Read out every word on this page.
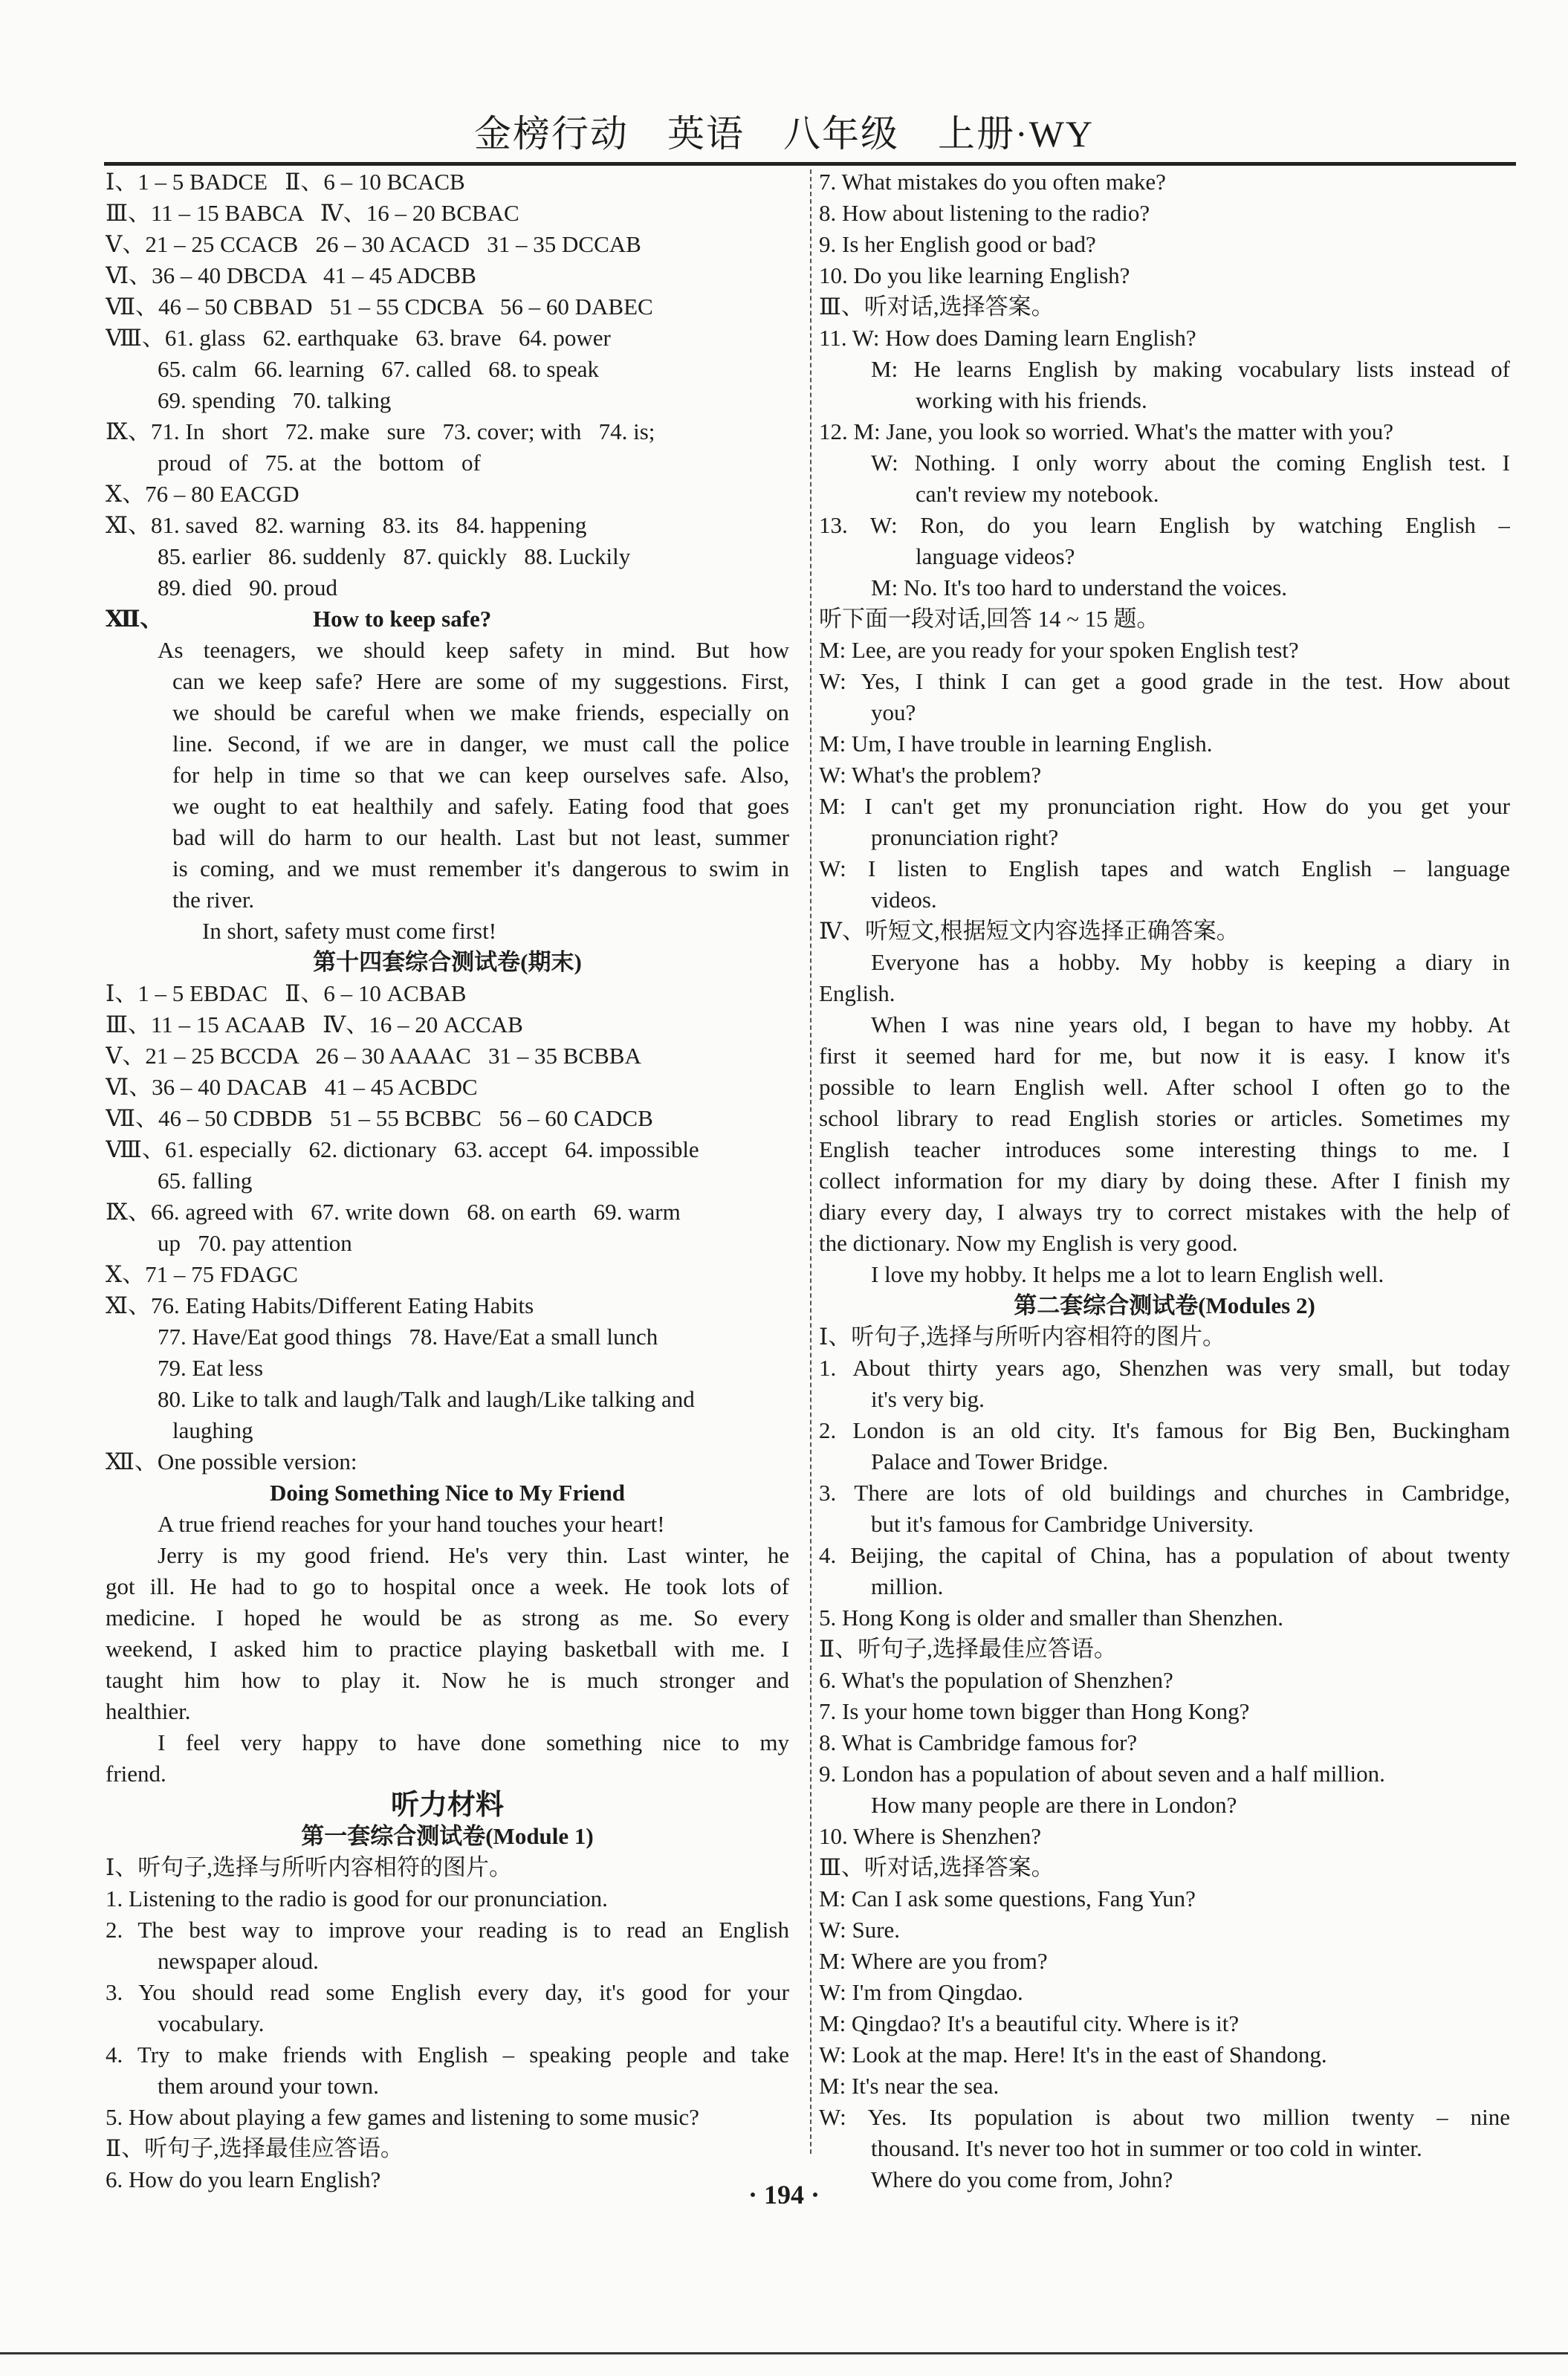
金榜行动　英语　八年级　上册·WY
Ⅰ、1 – 5 BADCE   Ⅱ、6 – 10 BCACB
Ⅲ、11 – 15 BABCA   Ⅳ、16 – 20 BCBAC
Ⅴ、21 – 25 CCACB   26 – 30 ACACD   31 – 35 DCCAB
Ⅵ、36 – 40 DBCDA   41 – 45 ADCBB
Ⅶ、46 – 50 CBBAD   51 – 55 CDCBA   56 – 60 DABEC
Ⅷ、61. glass   62. earthquake   63. brave   64. power
65. calm   66. learning   67. called   68. to speak
69. spending   70. talking
Ⅸ、71. In   short   72. make   sure   73. cover; with   74. is;
proud   of   75. at   the   bottom   of
Ⅹ、76 – 80 EACGD
Ⅺ、81. saved   82. warning   83. its   84. happening
85. earlier   86. suddenly   87. quickly   88. Luckily
89. died   90. proud
Ⅻ、                          How to keep safe?
As teenagers, we should keep safety in mind. But how
can we keep safe? Here are some of my suggestions. First,
we should be careful when we make friends, especially on
line. Second, if we are in danger, we must call the police
for help in time so that we can keep ourselves safe. Also,
we ought to eat healthily and safely. Eating food that goes
bad will do harm to our health. Last but not least, summer
is coming, and we must remember it's dangerous to swim in
the river.
In short, safety must come first!
第十四套综合测试卷(期末)
Ⅰ、1 – 5 EBDAC   Ⅱ、6 – 10 ACBAB
Ⅲ、11 – 15 ACAAB   Ⅳ、16 – 20 ACCAB
Ⅴ、21 – 25 BCCDA   26 – 30 AAAAC   31 – 35 BCBBA
Ⅵ、36 – 40 DACAB   41 – 45 ACBDC
Ⅶ、46 – 50 CDBDB   51 – 55 BCBBC   56 – 60 CADCB
Ⅷ、61. especially   62. dictionary   63. accept   64. impossible
65. falling
Ⅸ、66. agreed with   67. write down   68. on earth   69. warm
up   70. pay attention
Ⅹ、71 – 75 FDAGC
Ⅺ、76. Eating Habits/Different Eating Habits
77. Have/Eat good things   78. Have/Eat a small lunch
79. Eat less
80. Like to talk and laugh/Talk and laugh/Like talking and
laughing
Ⅻ、One possible version:
Doing Something Nice to My Friend
A true friend reaches for your hand touches your heart!
Jerry is my good friend. He's very thin. Last winter, he
got ill. He had to go to hospital once a week. He took lots of
medicine. I hoped he would be as strong as me. So every
weekend, I asked him to practice playing basketball with me. I
taught him how to play it. Now he is much stronger and
healthier.
I feel very happy to have done something nice to my
friend.
听力材料
第一套综合测试卷(Module 1)
Ⅰ、听句子,选择与所听内容相符的图片。
1. Listening to the radio is good for our pronunciation.
2. The best way to improve your reading is to read an English
newspaper aloud.
3. You should read some English every day, it's good for your
vocabulary.
4. Try to make friends with English – speaking people and take
them around your town.
5. How about playing a few games and listening to some music?
Ⅱ、听句子,选择最佳应答语。
6. How do you learn English?
7. What mistakes do you often make?
8. How about listening to the radio?
9. Is her English good or bad?
10. Do you like learning English?
Ⅲ、听对话,选择答案。
11. W: How does Daming learn English?
M: He learns English by making vocabulary lists instead of
working with his friends.
12. M: Jane, you look so worried. What's the matter with you?
W: Nothing. I only worry about the coming English test. I
can't review my notebook.
13. W: Ron, do you learn English by watching English –
language videos?
M: No. It's too hard to understand the voices.
听下面一段对话,回答 14 ~ 15 题。
M: Lee, are you ready for your spoken English test?
W: Yes, I think I can get a good grade in the test. How about
you?
M: Um, I have trouble in learning English.
W: What's the problem?
M: I can't get my pronunciation right. How do you get your
pronunciation right?
W: I listen to English tapes and watch English – language
videos.
Ⅳ、听短文,根据短文内容选择正确答案。
Everyone has a hobby. My hobby is keeping a diary in
English.
When I was nine years old, I began to have my hobby. At
first it seemed hard for me, but now it is easy. I know it's
possible to learn English well. After school I often go to the
school library to read English stories or articles. Sometimes my
English teacher introduces some interesting things to me. I
collect information for my diary by doing these. After I finish my
diary every day, I always try to correct mistakes with the help of
the dictionary. Now my English is very good.
I love my hobby. It helps me a lot to learn English well.
第二套综合测试卷(Modules 2)
Ⅰ、听句子,选择与所听内容相符的图片。
1. About thirty years ago, Shenzhen was very small, but today
it's very big.
2. London is an old city. It's famous for Big Ben, Buckingham
Palace and Tower Bridge.
3. There are lots of old buildings and churches in Cambridge,
but it's famous for Cambridge University.
4. Beijing, the capital of China, has a population of about twenty
million.
5. Hong Kong is older and smaller than Shenzhen.
Ⅱ、听句子,选择最佳应答语。
6. What's the population of Shenzhen?
7. Is your home town bigger than Hong Kong?
8. What is Cambridge famous for?
9. London has a population of about seven and a half million.
How many people are there in London?
10. Where is Shenzhen?
Ⅲ、听对话,选择答案。
M: Can I ask some questions, Fang Yun?
W: Sure.
M: Where are you from?
W: I'm from Qingdao.
M: Qingdao? It's a beautiful city. Where is it?
W: Look at the map. Here! It's in the east of Shandong.
M: It's near the sea.
W: Yes. Its population is about two million twenty – nine
thousand. It's never too hot in summer or too cold in winter.
Where do you come from, John?
· 194 ·
